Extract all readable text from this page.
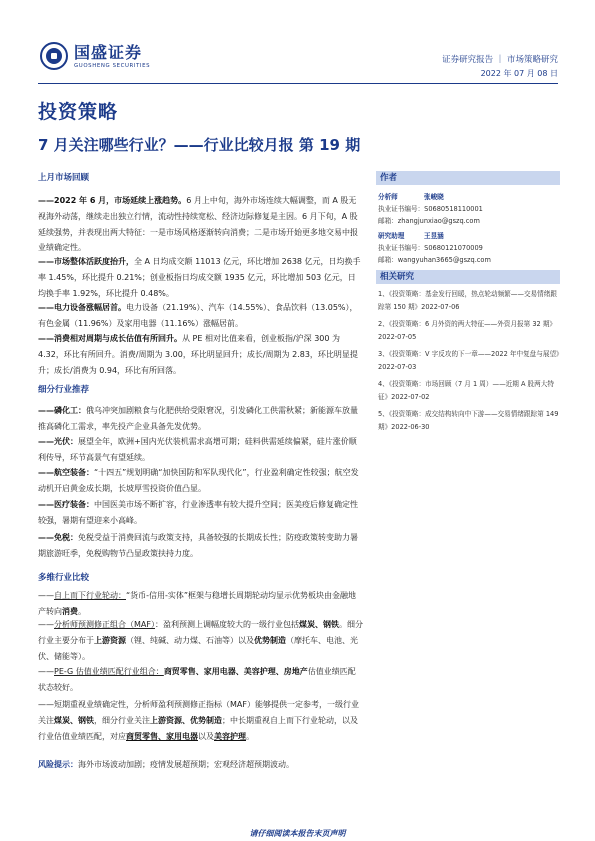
国盛证券
GUOSHENG SECURITIES
证券研究报告 ｜ 市场策略研究
2022 年 07 月 08 日
投资策略
7 月关注哪些行业？——行业比较月报 第 19 期
上月市场回顾
——2022 年 6 月，市场延续上涨趋势。6 月上中旬，海外市场连续大幅调整，而 A 股无视海外动荡，继续走出独立行情，流动性持续宽松、经济边际修复是主因。6 月下旬，A 股延续强势，并表现出两大特征：一是市场风格逐渐转向消费；二是市场开始更多地交易中报业绩确定性。
——市场整体活跃度抬升，全 A 日均成交额 11013 亿元，环比增加 2638 亿元，日均换手率 1.45%，环比提升 0.21%；创业板指日均成交额 1935 亿元，环比增加 503 亿元，日均换手率 1.92%，环比提升 0.48%。
——电力设备涨幅居首。电力设备（21.19%）、汽车（14.55%）、食品饮料（13.05%），有色金属（11.96%）及家用电器（11.16%）涨幅居前。
——消费相对周期与成长估值有所回升。从 PE 相对比值来看，创业板指/沪深 300 为 4.32，环比有所回升。消费/周期为 3.00，环比明显回升；成长/周期为 2.83，环比明显提升；成长/消费为 0.94，环比有所回落。
细分行业推荐
——磷化工：俄乌冲突加剧粮食与化肥供给受限窘况，引发磷化工供需秋紧；新能源车放量推高磷化工需求，率先投产企业具备先发优势。
——光伏：展望全年，欧洲+国内光伏装机需求高增可期；硅料供需延续偏紧，硅片涨价顺利传导，环节高景气有望延续。
——航空装备：“十四五”规划明确“加快国防和军队现代化”，行业盈利确定性较强；航空发动机开启黄金成长期，长坡厚雪投资价值凸显。
——医疗装备：中国医美市场不断扩容，行业渗透率有较大提升空间；医美疫后修复确定性较强，暑期有望迎来小高峰。
——免税：免税受益于消费回流与政策支持，具备较强的长期成长性；防疫政策转变助力暑期旅游旺季，免税购物节凸显政策扶持力度。
多维行业比较
——自上而下行业轮动：“货币-信用-实体”框架与稳增长周期轮动均显示优势板块由金融地产转向消费。
——分析师预测修正组合（MAF）：盈利预测上调幅度较大的一级行业包括煤炭、钢铁。细分行业主要分布于上游资源（锂、纯碱、动力煤、石油等）以及优势制造（摩托车、电池、光伏、储能等）。
——PE-G 估值业绩匹配行业组合：商贸零售、家用电器、美容护理、房地产估值业绩匹配状态较好。
——短期重视业绩确定性，分析师盈利预测修正指标（MAF）能够提供一定参考，一级行业关注煤炭、钢铁，细分行业关注上游资源、优势制造；中长期重视自上而下行业轮动，以及行业估值业绩匹配，对应商贸零售、家用电器以及美容护理。
风险提示：海外市场波动加剧；疫情发展超预期；宏观经济超预期波动。
作者
分析师	张峻晓
执业证书编号：S0680518110001
邮箱：zhangjunxiao@gszq.com
研究助理	王昱涵
执业证书编号：S0680121070009
邮箱：wangyuhan3665@gszq.com
相关研究
1、《投资策略：基金发行回暖，热点轮动频繁——交易情绪跟踪第 150 期》2022-07-06
2、《投资策略：6 月外资的两大特征——外资月报第 32 期》2022-07-05
3、《投资策略：V 字反攻的下一章——2022 年中复盘与展望》2022-07-03
4、《投资策略：市场回顾（7 月 1 周）——近期 A 股两大特征》2022-07-02
5、《投资策略：成交结构转向中下游——交易情绪跟踪第 149 期》2022-06-30
请仔细阅读本报告末页声明
